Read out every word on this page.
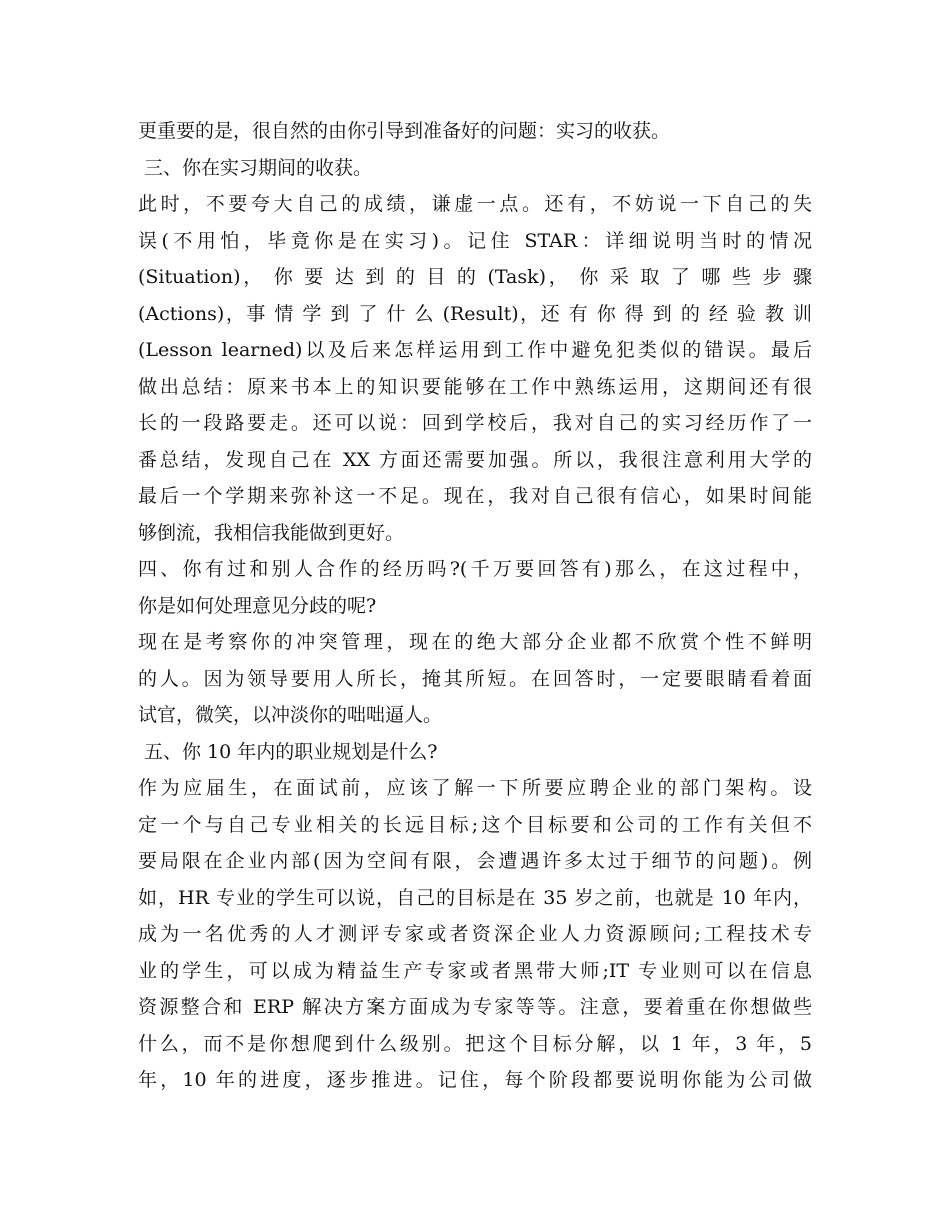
更重要的是，很自然的由你引导到准备好的问题：实习的收获。
三、你在实习期间的收获。
此时，不要夸大自己的成绩，谦虚一点。还有，不妨说一下自己的失
误(不用怕，毕竟你是在实习)。记住 STAR：详细说明当时的情况
(Situation)， 你 要 达 到 的 目 的 (Task)， 你 采 取 了 哪 些 步 骤
(Actions)，事 情 学 到 了 什 么 (Result)，还 有 你 得 到 的 经 验 教 训
(Lesson learned)以及后来怎样运用到工作中避免犯类似的错误。最后
做出总结：原来书本上的知识要能够在工作中熟练运用，这期间还有很
长的一段路要走。还可以说：回到学校后，我对自己的实习经历作了一
番总结，发现自己在 XX 方面还需要加强。所以，我很注意利用大学的
最后一个学期来弥补这一不足。现在，我对自己很有信心，如果时间能
够倒流，我相信我能做到更好。
四、你有过和别人合作的经历吗?(千万要回答有)那么，在这过程中，
你是如何处理意见分歧的呢?
现在是考察你的冲突管理，现在的绝大部分企业都不欣赏个性不鲜明
的人。因为领导要用人所长，掩其所短。在回答时，一定要眼睛看着面
试官，微笑，以冲淡你的咄咄逼人。
五、你 10 年内的职业规划是什么?
作为应届生，在面试前，应该了解一下所要应聘企业的部门架构。设
定一个与自己专业相关的长远目标;这个目标要和公司的工作有关但不
要局限在企业内部(因为空间有限，会遭遇许多太过于细节的问题)。例
如，HR 专业的学生可以说，自己的目标是在 35 岁之前，也就是 10 年内，
成为一名优秀的人才测评专家或者资深企业人力资源顾问;工程技术专
业的学生，可以成为精益生产专家或者黑带大师;IT 专业则可以在信息
资源整合和 ERP 解决方案方面成为专家等等。注意，要着重在你想做些
什么，而不是你想爬到什么级别。把这个目标分解，以 1 年，3 年，5
年，10 年的进度，逐步推进。记住，每个阶段都要说明你能为公司做
